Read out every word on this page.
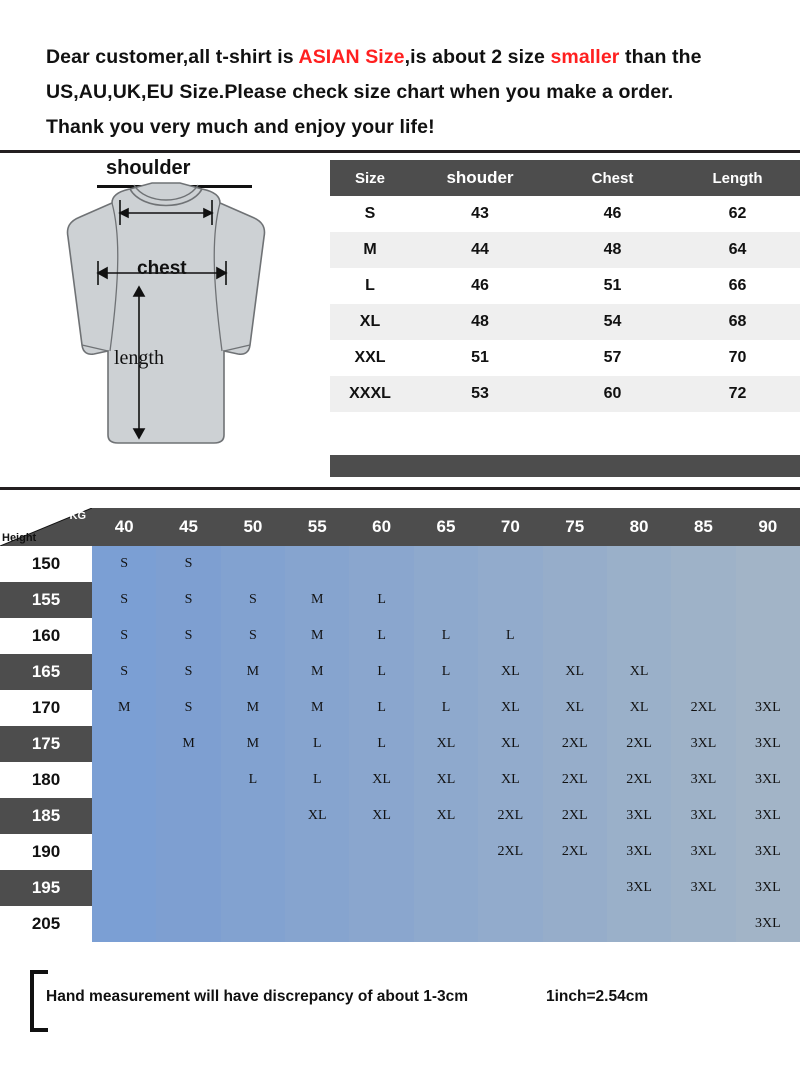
Dear customer,all t-shirt is ASIAN Size,is about 2 size smaller than the
US,AU,UK,EU Size.Please check size chart when you make a order.
Thank you very much and enjoy your life!
shoulder
chest
length
Size	shouder	Chest	Length
S	43	46	62
M	44	48	64
L	46	51	66
XL	48	54	68
XXL	51	57	70
XXXL	53	60	72
KG
Height	40	45	50	55	60	65	70	75	80	85	90
150	S	S									
155	S	S	S	M	L						
160	S	S	S	M	L	L	L				
165	S	S	M	M	L	L	XL	XL	XL		
170	M	S	M	M	L	L	XL	XL	XL	2XL	3XL
175		M	M	L	L	XL	XL	2XL	2XL	3XL	3XL
180			L	L	XL	XL	XL	2XL	2XL	3XL	3XL
185				XL	XL	XL	2XL	2XL	3XL	3XL	3XL
190							2XL	2XL	3XL	3XL	3XL
195									3XL	3XL	3XL
205											3XL
Hand measurement will have discrepancy of about 1-3cm	1inch=2.54cm
